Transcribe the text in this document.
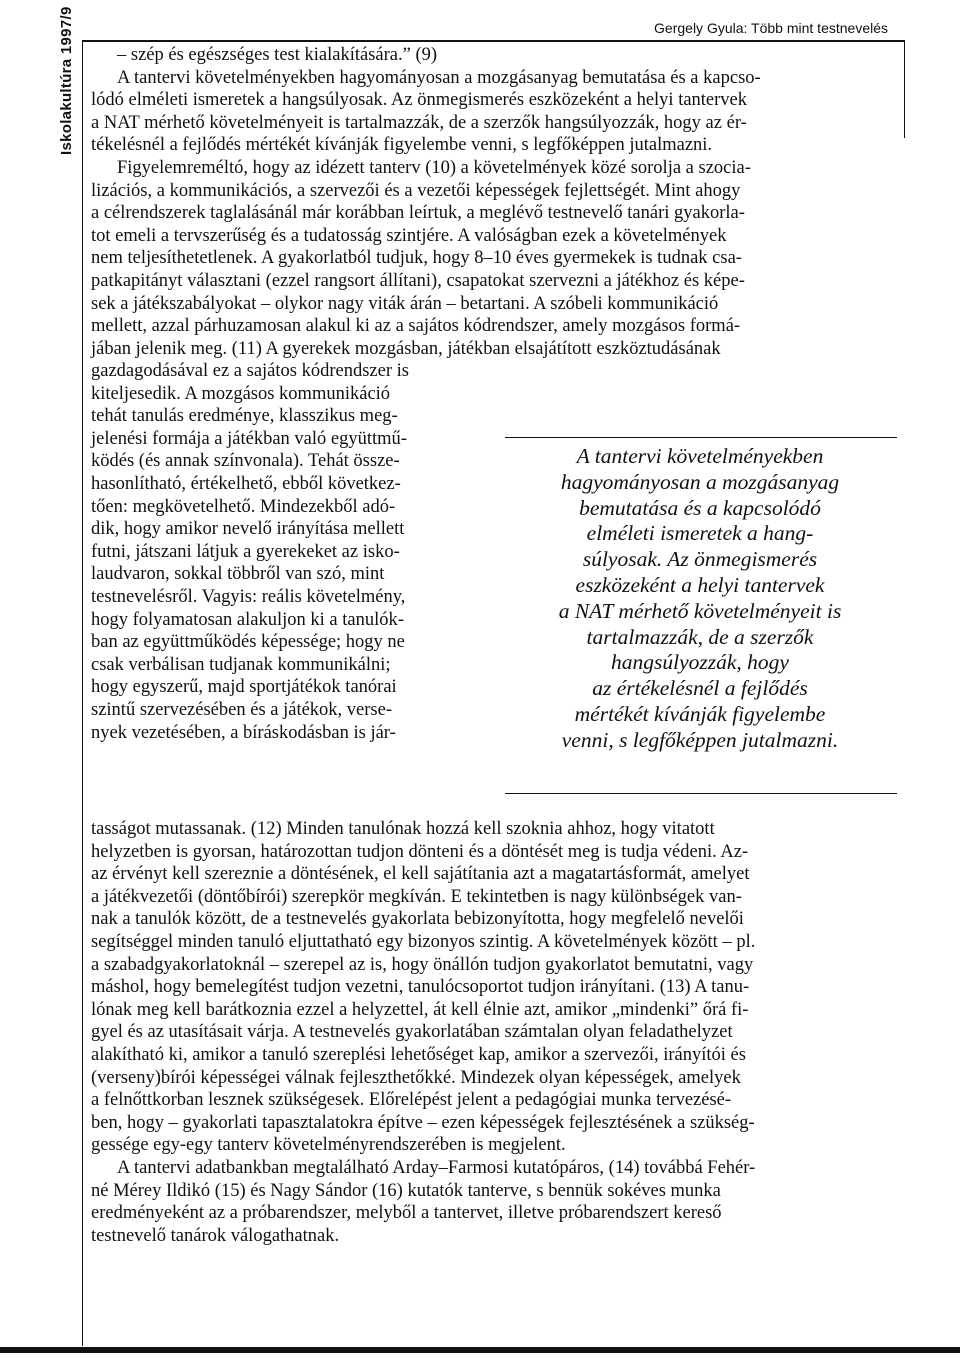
Iskolakultúra 1997/9	Gergely Gyula: Több mint testnevelés
– szép és egészséges test kialakítására.” (9)
A tantervi követelményekben hagyományosan a mozgásanyag bemutatása és a kapcso-
lódó elméleti ismeretek a hangsúlyosak. Az önmegismerés eszközeként a helyi tantervek
a NAT mérhető követelményeit is tartalmazzák, de a szerzők hangsúlyozzák, hogy az ér-
tékelésnél a fejlődés mértékét kívánják figyelembe venni, s legfőképpen jutalmazni.
Figyelemreméltó, hogy az idézett tanterv (10) a követelmények közé sorolja a szocia-
lizációs, a kommunikációs, a szervezői és a vezetői képességek fejlettségét. Mint ahogy
a célrendszerek taglalásánál már korábban leírtuk, a meglévő testnevelő tanári gyakorla-
tot emeli a tervszerűség és a tudatosság szintjére. A valóságban ezek a követelmények
nem teljesíthetetlenek. A gyakorlatból tudjuk, hogy 8–10 éves gyermekek is tudnak csa-
patkapitányt választani (ezzel rangsort állítani), csapatokat szervezni a játékhoz és képe-
sek a játékszabályokat – olykor nagy viták árán – betartani. A szóbeli kommunikáció
mellett, azzal párhuzamosan alakul ki az a sajátos kódrendszer, amely mozgásos formá-
jában jelenik meg. (11) A gyerekek mozgásban, játékban elsajátított eszköztudásának
gazdagodásával ez a sajátos kódrendszer is
kiteljesedik. A mozgásos kommunikáció
tehát tanulás eredménye, klasszikus meg-
jelenési formája a játékban való együttmű-
ködés (és annak színvonala). Tehát össze-
hasonlítható, értékelhető, ebből következ-
tően: megkövetelhető. Mindezekből adó-
dik, hogy amikor nevelő irányítása mellett
futni, játszani látjuk a gyerekeket az isko-
laudvaron, sokkal többről van szó, mint
testnevelésről. Vagyis: reális követelmény,
hogy folyamatosan alakuljon ki a tanulók-
ban az együttműködés képessége; hogy ne
csak verbálisan tudjanak kommunikálni;
hogy egyszerű, majd sportjátékok tanórai
szintű szervezésében és a játékok, verse-
nyek vezetésében, a bíráskodásban is jár-
A tantervi követelményekben
hagyományosan a mozgásanyag
bemutatása és a kapcsolódó
elméleti ismeretek a hang-
súlyosak. Az önmegismerés
eszközeként a helyi tantervek
a NAT mérhető követelményeit is
tartalmazzák, de a szerzők
hangsúlyozzák, hogy
az értékelésnél a fejlődés
mértékét kívánják figyelembe
venni, s legfőképpen jutalmazni.
tasságot mutassanak. (12) Minden tanulónak hozzá kell szoknia ahhoz, hogy vitatott
helyzetben is gyorsan, határozottan tudjon dönteni és a döntését meg is tudja védeni. Az-
az érvényt kell szereznie a döntésének, el kell sajátítania azt a magatartásformát, amelyet
a játékvezetői (döntőbírói) szerepkör megkíván. E tekintetben is nagy különbségek van-
nak a tanulók között, de a testnevelés gyakorlata bebizonyította, hogy megfelelő nevelői
segítséggel minden tanuló eljuttatható egy bizonyos szintig. A követelmények között – pl.
a szabadgyakorlatoknál – szerepel az is, hogy önállón tudjon gyakorlatot bemutatni, vagy
máshol, hogy bemelegítést tudjon vezetni, tanulócsoportot tudjon irányítani. (13) A tanu-
lónak meg kell barátkoznia ezzel a helyzettel, át kell élnie azt, amikor „mindenki” őrá fi-
gyel és az utasításait várja. A testnevelés gyakorlatában számtalan olyan feladathelyzet
alakítható ki, amikor a tanuló szereplési lehetőséget kap, amikor a szervezői, irányítói és
(verseny)bírói képességei válnak fejleszthetőkké. Mindezek olyan képességek, amelyek
a felnőttkorban lesznek szükségesek. Előrelépést jelent a pedagógiai munka tervezésé-
ben, hogy – gyakorlati tapasztalatokra építve – ezen képességek fejlesztésének a szükség-
gessége egy-egy tanterv követelményrendszerében is megjelent.
A tantervi adatbankban megtalálható Arday–Farmosi kutatópáros, (14) továbbá Fehér-
né Mérey Ildikó (15) és Nagy Sándor (16) kutatók tanterve, s bennük sokéves munka
eredményeként az a próbarendszer, melyből a tantervet, illetve próbarendszert kereső
testnevelő tanárok válogathatnak.
